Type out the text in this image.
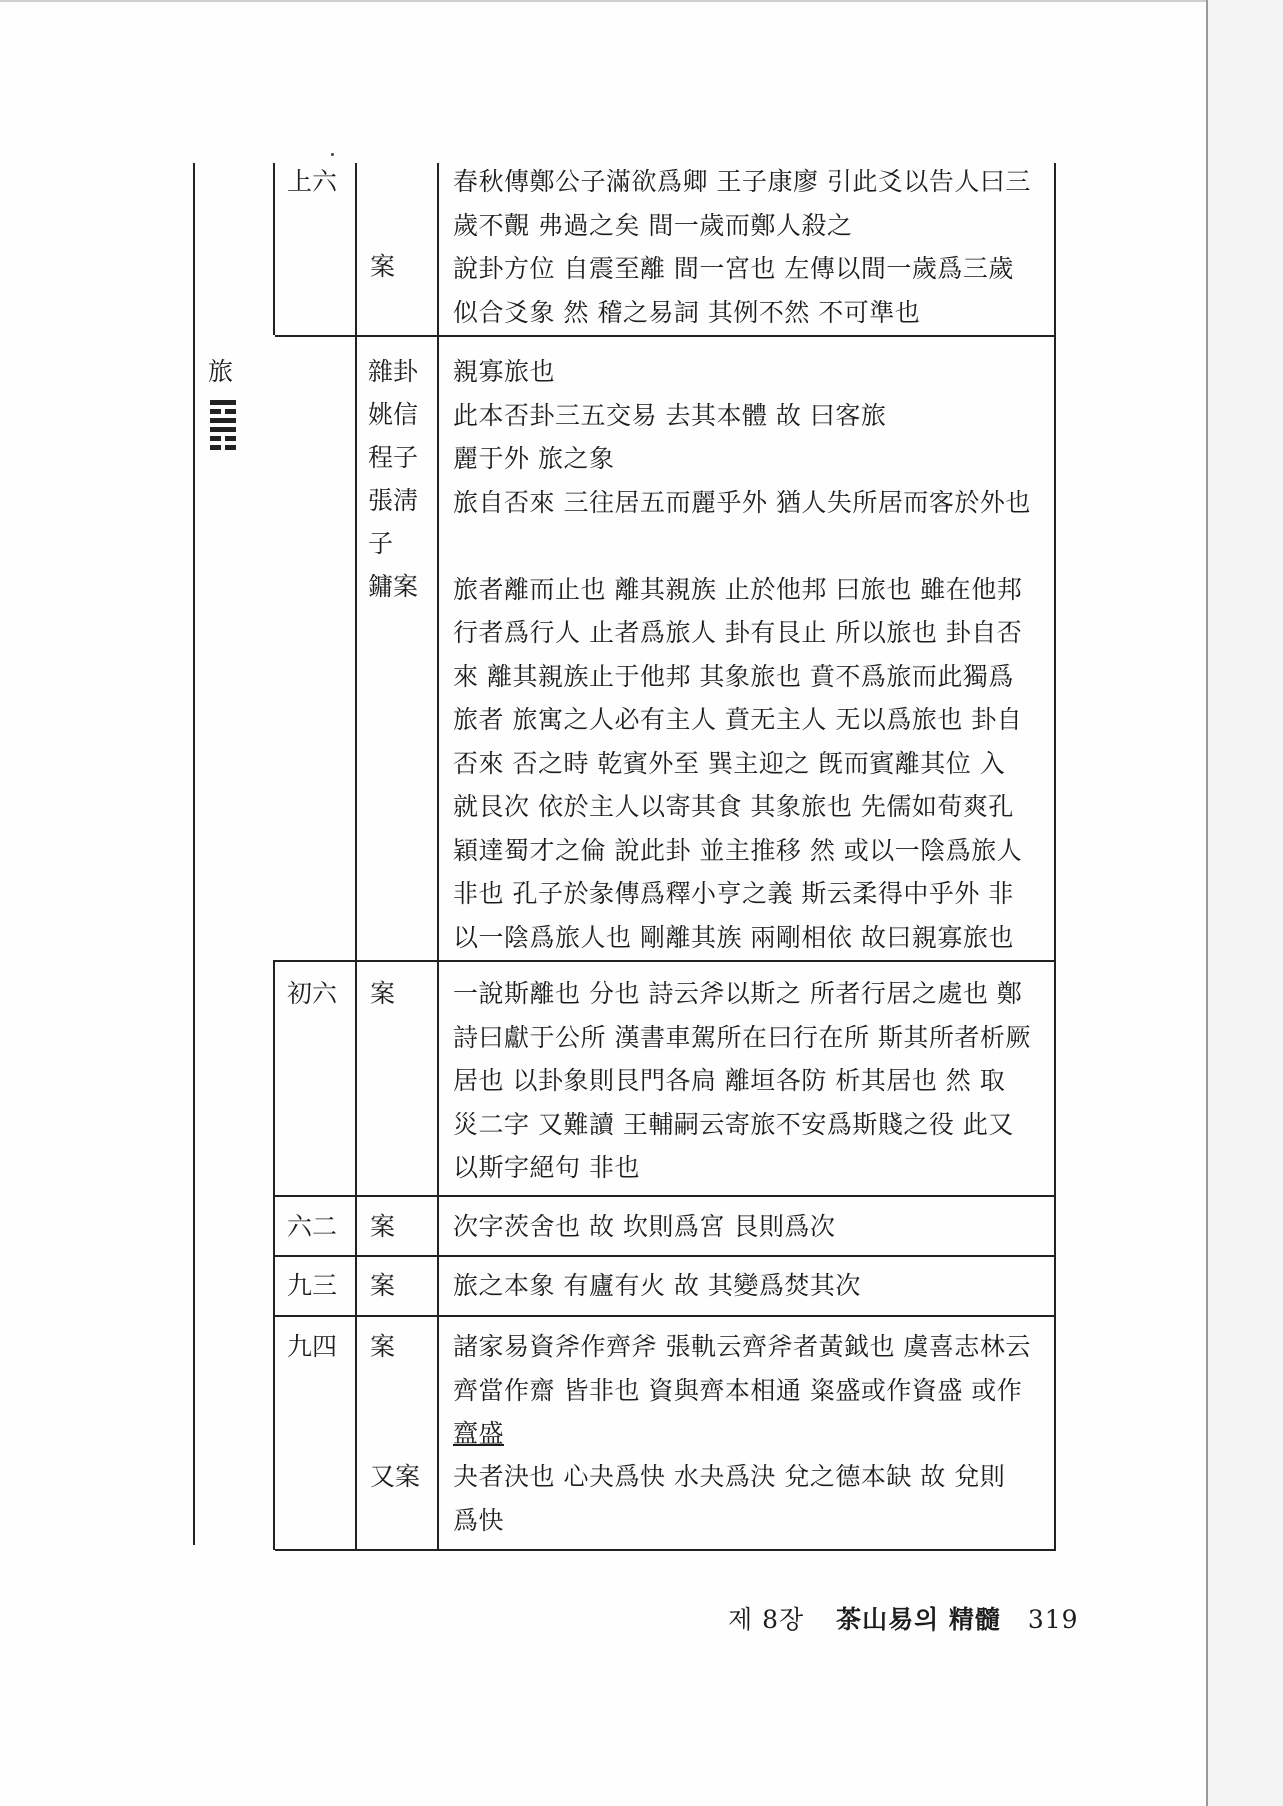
上六
案
春秋傳鄭公子滿欲爲卿 王子康廖 引此爻以告人曰三
歲不覿 弗過之矣 間一歲而鄭人殺之
說卦方位 自震至離 間一宮也 左傳以間一歲爲三歲
似合爻象 然 稽之易詞 其例不然 不可準也
旅	雜卦
姚信
程子
張淸
子
鏞案
親寡旅也
此本否卦三五交易 去其本體 故 曰客旅
麗于外 旅之象
旅自否來 三往居五而麗乎外 猶人失所居而客於外也
旅者離而止也 離其親族 止於他邦 曰旅也 雖在他邦
行者爲行人 止者爲旅人 卦有艮止 所以旅也 卦自否
來 離其親族止于他邦 其象旅也 賁不爲旅而此獨爲
旅者 旅寓之人必有主人 賁无主人 无以爲旅也 卦自
否來 否之時 乾賓外至 巽主迎之 旣而賓離其位 入
就艮次 依於主人以寄其食 其象旅也 先儒如荀爽孔
穎達蜀才之倫 說此卦 並主推移 然 或以一陰爲旅人
非也 孔子於彖傳爲釋小亨之義 斯云柔得中乎外 非
以一陰爲旅人也 剛離其族 兩剛相依 故曰親寡旅也
初六 案 一說斯離也 分也 詩云斧以斯之 所者行居之處也 鄭
詩曰獻于公所 漢書車駕所在曰行在所 斯其所者析厥
居也 以卦象則艮門各扃 離垣各防 析其居也 然 取
災二字 又難讀 王輔嗣云寄旅不安爲斯賤之役 此又
以斯字絕句 非也
六二 案 次字茨舍也 故 坎則爲宮 艮則爲次
九三 案 旅之本象 有廬有火 故 其變爲焚其次
九四 案 諸家易資斧作齊斧 張軌云齊斧者黃鉞也 虞喜志林云
齊當作齋 皆非也 資與齊本相通 粢盛或作資盛 或作
齍盛
又案 夬者決也 心夬爲快 水夬爲決 兌之德本缺 故 兌則
爲快
제 8장 茶山易의 精髓 319
